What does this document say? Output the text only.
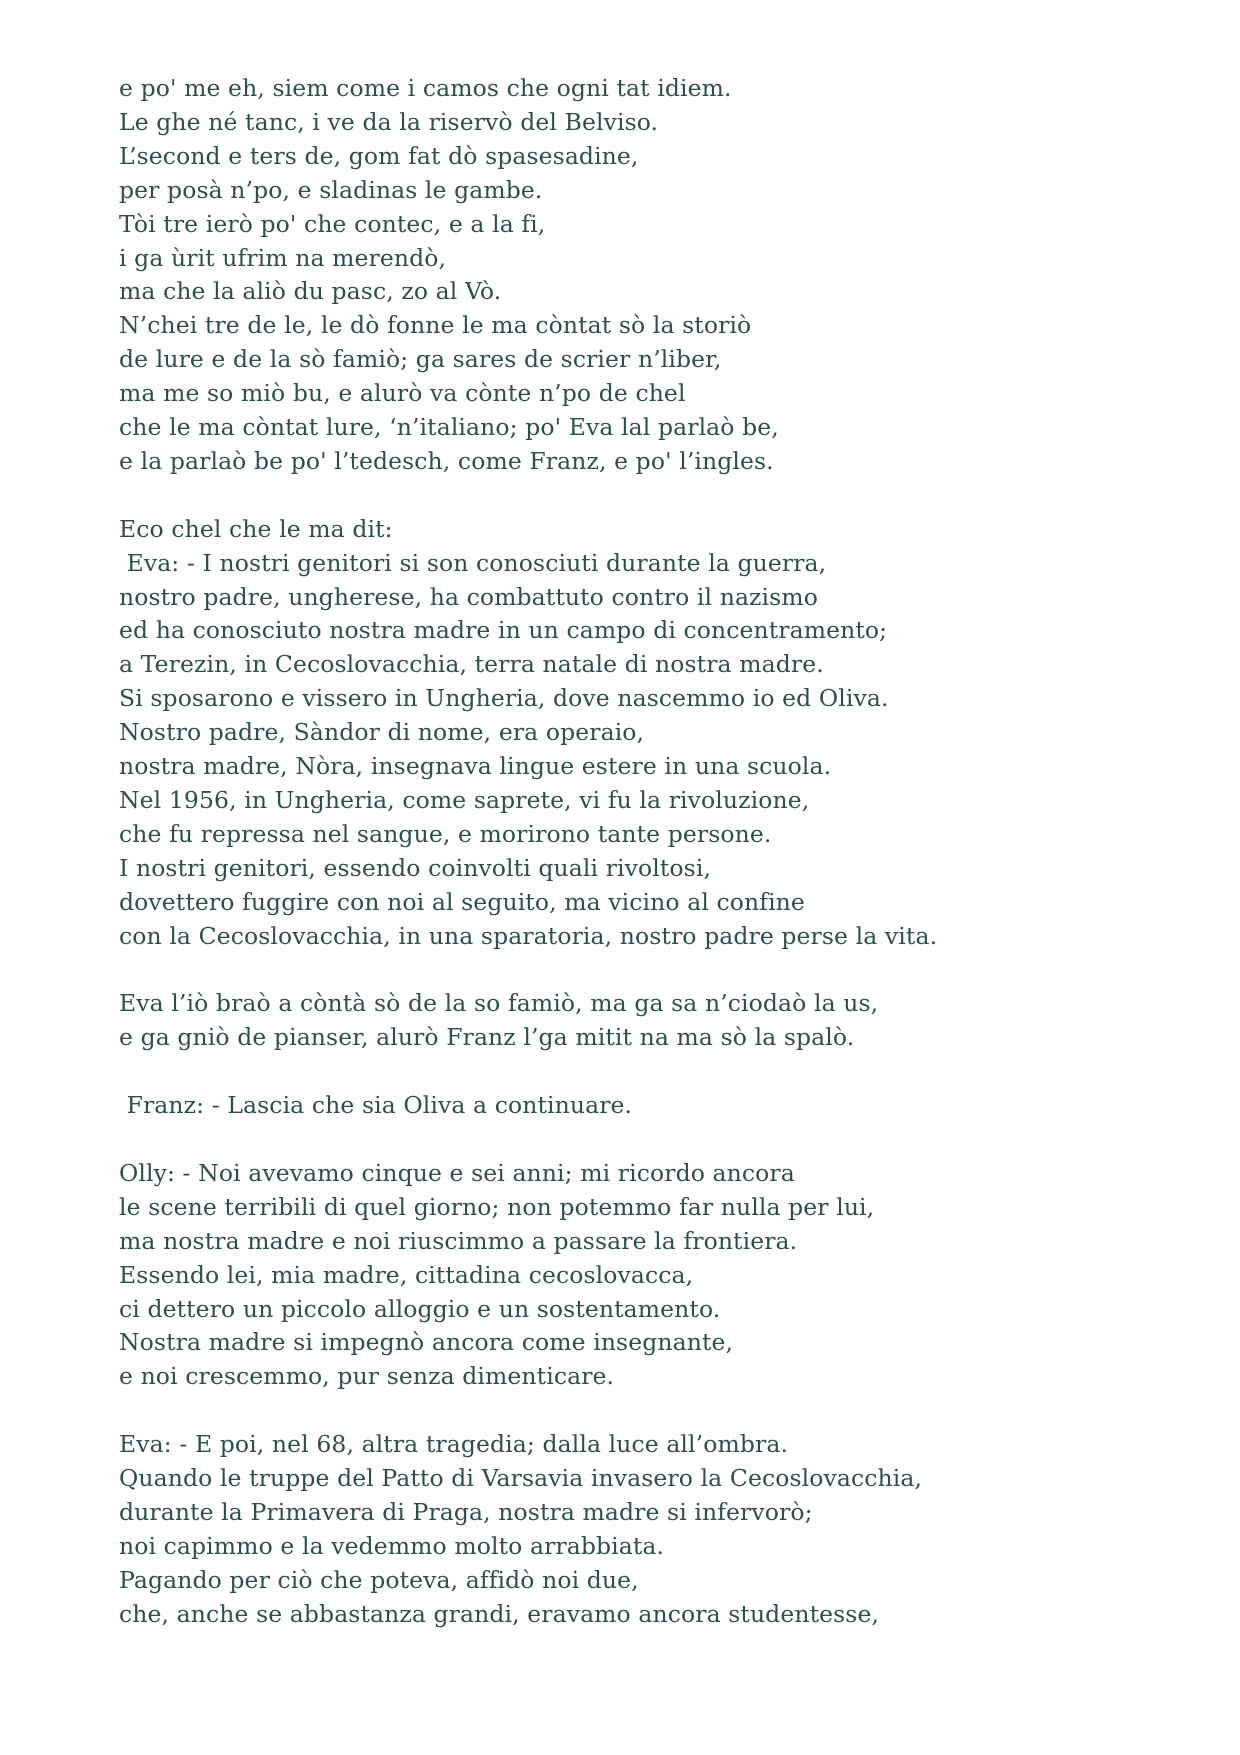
e po' me eh, siem come i camos che ogni tat idiem.
Le ghe né tanc, i ve da la riservò del Belviso.
L’second e ters de, gom fat dò spasesadine,
per posà n’po, e sladinas le gambe.
Tòi tre ierò po' che contec, e a la fi,
i ga ùrit ufrim na merendò,
ma che la aliò du pasc, zo al Vò.
N’chei tre de le, le dò fonne le ma còntat sò la storiò
de lure e de la sò famiò; ga sares de scrier n’liber,
ma me so miò bu, e alurò va cònte n’po de chel
che le ma còntat lure, ‘n’italiano; po' Eva lal parlaò be,
e la parlaò be po' l’tedesch, come Franz, e po' l’ingles.
Eco chel che le ma dit:
Eva: - I nostri genitori si son conosciuti durante la guerra,
nostro padre, ungherese, ha combattuto contro il nazismo
ed ha conosciuto nostra madre in un campo di concentramento;
a Terezin, in Cecoslovacchia, terra natale di nostra madre.
Si sposarono e vissero in Ungheria, dove nascemmo io ed Oliva.
Nostro padre, Sàndor di nome, era operaio,
nostra madre, Nòra, insegnava lingue estere in una scuola.
Nel 1956, in Ungheria, come saprete, vi fu la rivoluzione,
che fu repressa nel sangue, e morirono tante persone.
I nostri genitori, essendo coinvolti quali rivoltosi,
dovettero fuggire con noi al seguito, ma vicino al confine
con la Cecoslovacchia, in una sparatoria, nostro padre perse la vita.
Eva l’iò braò a còntà sò de la so famiò, ma ga sa n’ciodaò la us,
e ga gniò de pianser, alurò Franz l’ga mitit na ma sò la spalò.
Franz: - Lascia che sia Oliva a continuare.
Olly: - Noi avevamo cinque e sei anni; mi ricordo ancora
le scene terribili di quel giorno; non potemmo far nulla per lui,
ma nostra madre e noi riuscimmo a passare la frontiera.
Essendo lei, mia madre, cittadina cecoslovacca,
ci dettero un piccolo alloggio e un sostentamento.
Nostra madre si impegnò ancora come insegnante,
e noi crescemmo, pur senza dimenticare.
Eva: - E poi, nel 68, altra tragedia; dalla luce all’ombra.
Quando le truppe del Patto di Varsavia invasero la Cecoslovacchia,
durante la Primavera di Praga, nostra madre si infervorò;
noi capimmo e la vedemmo molto arrabbiata.
Pagando per ciò che poteva, affidò noi due,
che, anche se abbastanza grandi, eravamo ancora studentesse,
